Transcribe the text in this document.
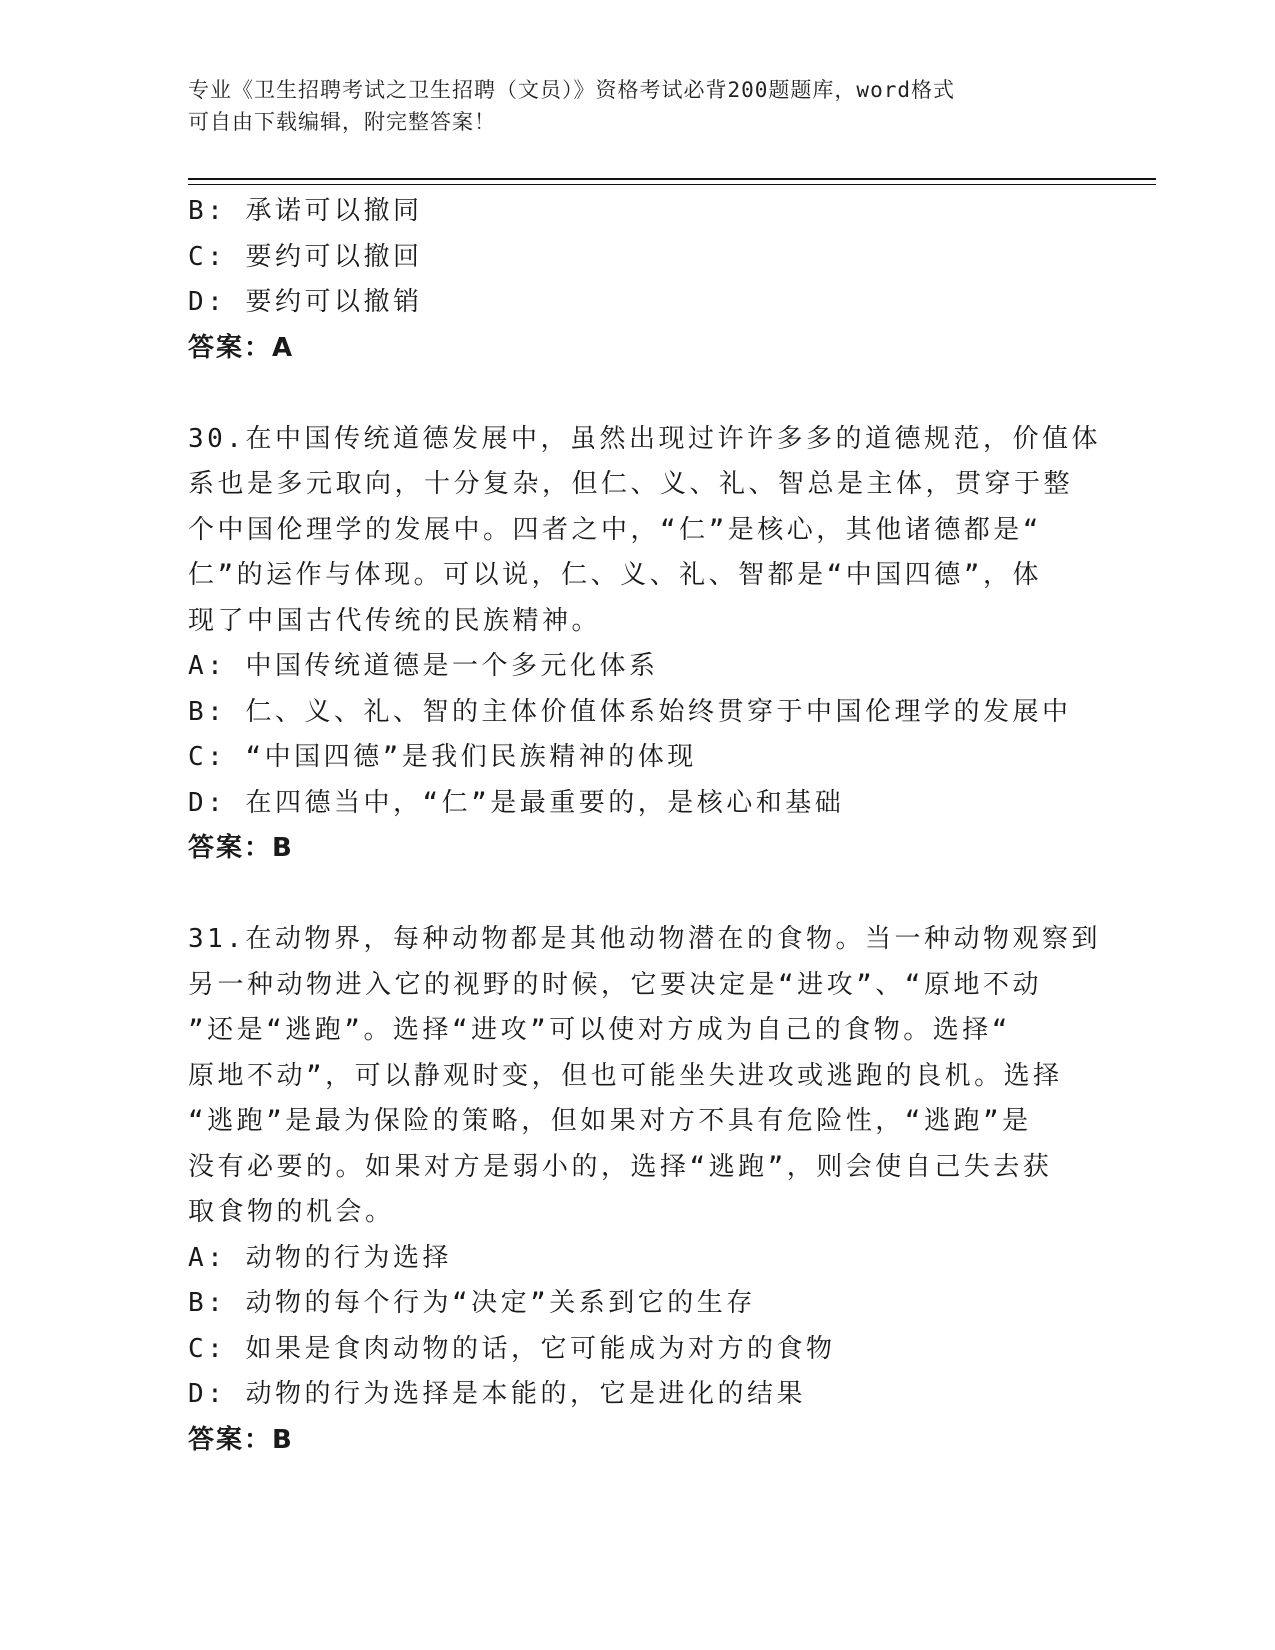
专业《卫生招聘考试之卫生招聘（文员）》资格考试必背200题题库，word格式
可自由下载编辑，附完整答案！
B: 承诺可以撤同
C: 要约可以撤回
D: 要约可以撤销
答案：A
30.在中国传统道德发展中，虽然出现过许许多多的道德规范，价值体
系也是多元取向，十分复杂，但仁、义、礼、智总是主体，贯穿于整
个中国伦理学的发展中。四者之中，“仁”是核心，其他诸德都是“
仁”的运作与体现。可以说，仁、义、礼、智都是“中国四德”，体
现了中国古代传统的民族精神。
A: 中国传统道德是一个多元化体系
B: 仁、义、礼、智的主体价值体系始终贯穿于中国伦理学的发展中
C: “中国四德”是我们民族精神的体现
D: 在四德当中，“仁”是最重要的，是核心和基础
答案：B
31.在动物界，每种动物都是其他动物潜在的食物。当一种动物观察到
另一种动物进入它的视野的时候，它要决定是“进攻”、“原地不动
”还是“逃跑”。选择“进攻”可以使对方成为自己的食物。选择“
原地不动”，可以静观时变，但也可能坐失进攻或逃跑的良机。选择
“逃跑”是最为保险的策略，但如果对方不具有危险性，“逃跑”是
没有必要的。如果对方是弱小的，选择“逃跑”，则会使自己失去获
取食物的机会。
A: 动物的行为选择
B: 动物的每个行为“决定”关系到它的生存
C: 如果是食肉动物的话，它可能成为对方的食物
D: 动物的行为选择是本能的，它是进化的结果
答案：B
